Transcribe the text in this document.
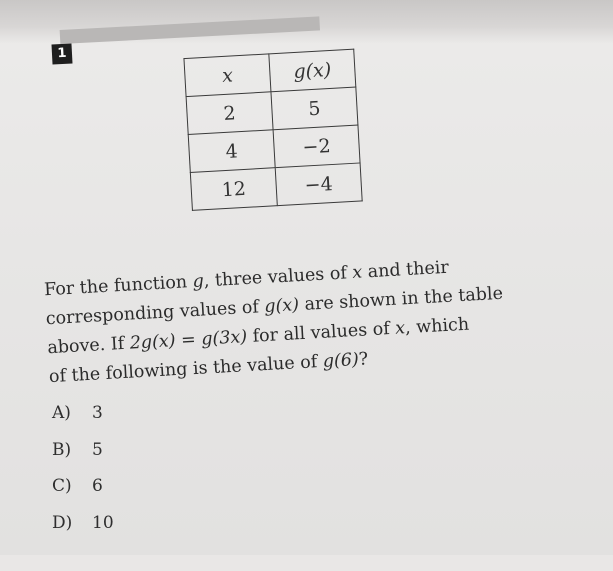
1
x	g(x)
2	5
4	−2
12	−4
For the function g, three values of x and their
corresponding values of g(x) are shown in the table
above. If 2g(x) = g(3x) for all values of x, which
of the following is the value of g(6)?
A)	3
B)	5
C)	6
D)	10
